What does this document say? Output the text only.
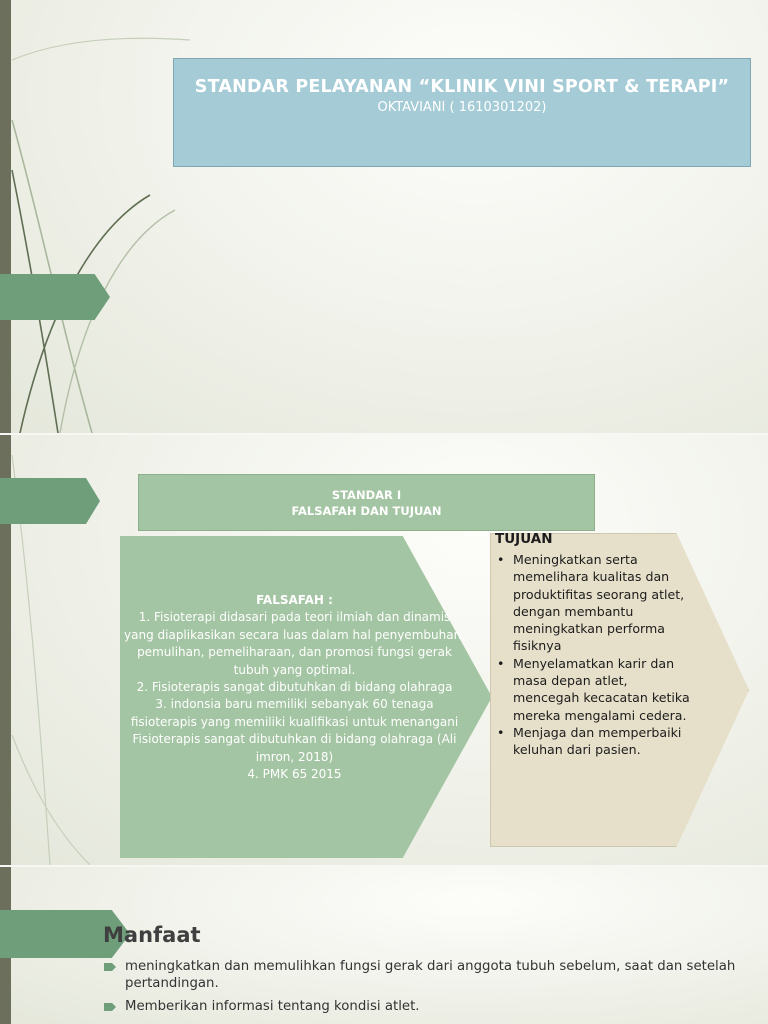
STANDAR PELAYANAN “KLINIK VINI SPORT & TERAPI”
OKTAVIANI ( 1610301202)
STANDAR I
FALSAFAH DAN TUJUAN
FALSAFAH :
1. Fisioterapi didasari pada teori ilmiah dan dinamis yang diaplikasikan secara luas dalam hal penyembuhan, pemulihan, pemeliharaan, dan promosi fungsi gerak tubuh yang optimal.
2. Fisioterapis sangat dibutuhkan di bidang olahraga
3. indonsia baru memiliki sebanyak 60 tenaga fisioterapis yang memiliki kualifikasi untuk menangani Fisioterapis sangat dibutuhkan di bidang olahraga (Ali imron, 2018)
4. PMK 65 2015
TUJUAN
• Meningkatkan serta memelihara kualitas dan produktifitas seorang atlet, dengan membantu meningkatkan performa fisiknya
• Menyelamatkan karir dan masa depan atlet, mencegah kecacatan ketika mereka mengalami cedera.
• Menjaga dan memperbaiki keluhan dari pasien.
Manfaat
meningkatkan dan memulihkan fungsi gerak dari anggota tubuh sebelum, saat dan setelah pertandingan.
Memberikan informasi tentang kondisi atlet.
